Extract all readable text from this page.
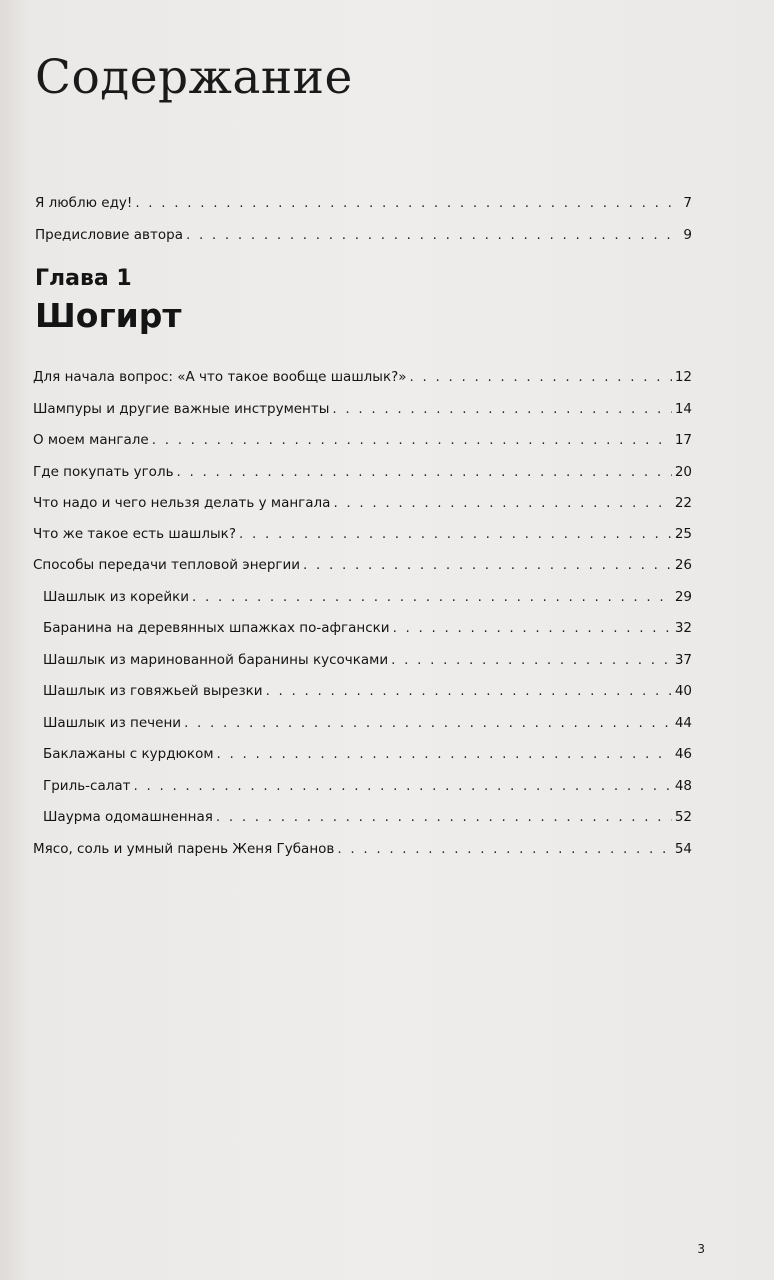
Содержание
Я люблю еду! . . .	7
Предисловие автора . . .	9
Глава 1
Шогирт
Для начала вопрос: «А что такое вообще шашлык?» . . .	12
Шампуры и другие важные инструменты . . .	14
О моем мангале . . .	17
Где покупать уголь . . .	20
Что надо и чего нельзя делать у мангала . . .	22
Что же такое есть шашлык? . . .	25
Способы передачи тепловой энергии . . .	26
Шашлык из корейки . . .	29
Баранина на деревянных шпажках по-афгански . . .	32
Шашлык из маринованной баранины кусочками . . .	37
Шашлык из говяжьей вырезки . . .	40
Шашлык из печени . . .	44
Баклажаны с курдюком . . .	46
Гриль-салат . . .	48
Шаурма одомашненная . . .	52
Мясо, соль и умный парень Женя Губанов . . .	54
3
